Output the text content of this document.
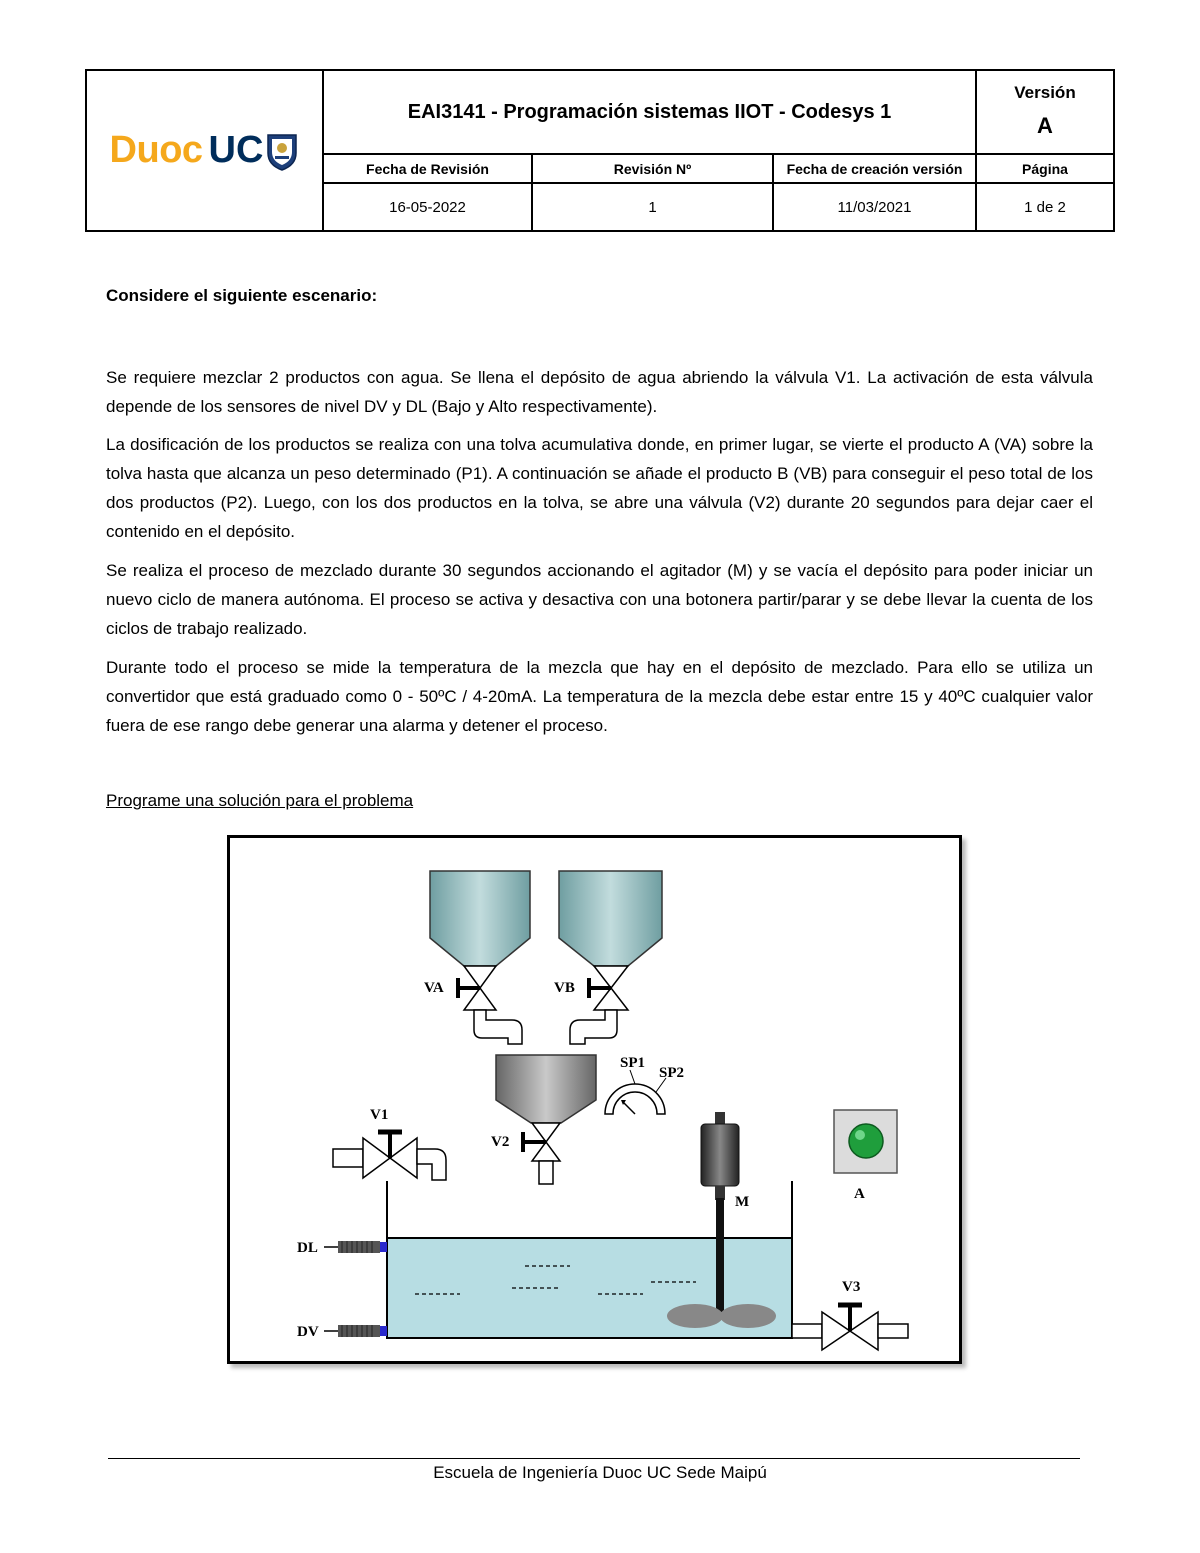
Duoc UC
EAI3141 - Programación sistemas IIOT - Codesys 1
Versión
A
Fecha de Revisión	Revisión Nº	Fecha de creación versión	Página
16-05-2022	1	11/03/2021	1 de 2
Considere el siguiente escenario:

Se requiere mezclar 2 productos con agua. Se llena el depósito de agua abriendo la válvula V1. La activación de esta válvula depende de los sensores de nivel DV y DL (Bajo y Alto respectivamente).

La dosificación de los productos se realiza con una tolva acumulativa donde, en primer lugar, se vierte el producto A (VA) sobre la tolva hasta que alcanza un peso determinado (P1). A continuación se añade el producto B (VB) para conseguir el peso total de los dos productos (P2). Luego, con los dos productos en la tolva, se abre una válvula (V2) durante 20 segundos para dejar caer el contenido en el depósito.

Se realiza el proceso de mezclado durante 30 segundos accionando el agitador (M) y se vacía el depósito para poder iniciar un nuevo ciclo de manera autónoma. El proceso se activa y desactiva con una botonera partir/parar y se debe llevar la cuenta de los ciclos de trabajo realizado.

Durante todo el proceso se mide la temperatura de la mezcla que hay en el depósito de mezclado. Para ello se utiliza un convertidor que está graduado como 0 - 50ºC / 4-20mA. La temperatura de la mezcla debe estar entre 15 y 40ºC cualquier valor fuera de ese rango debe generar una alarma y detener el proceso.

Programe una solución para el problema
VA	VB
V2
SP1
SP2
V1
M	A
DL
DV
V3
Escuela de Ingeniería Duoc UC Sede Maipú
